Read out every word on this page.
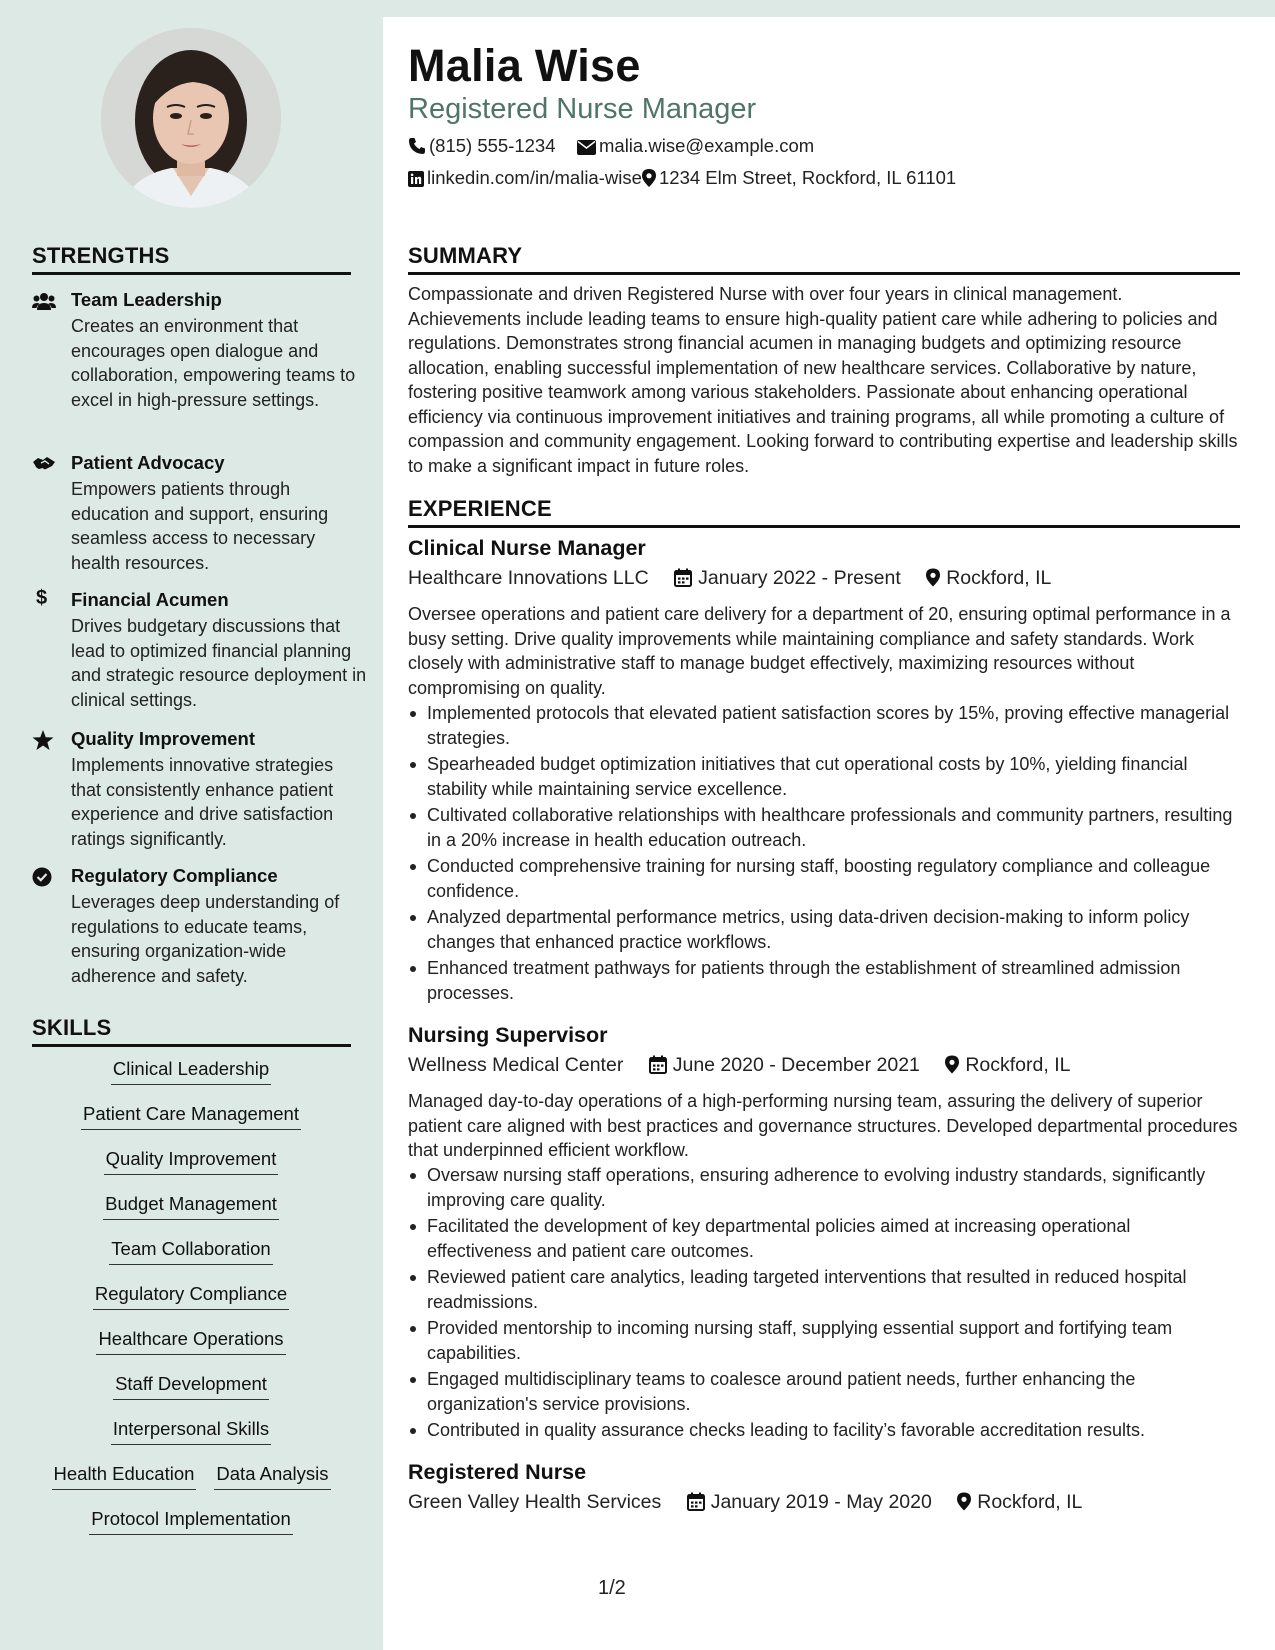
STRENGTHS
Team Leadership
Creates an environment that encourages open dialogue and collaboration, empowering teams to excel in high-pressure settings.
Patient Advocacy
Empowers patients through education and support, ensuring seamless access to necessary health resources.
$	Financial Acumen
Drives budgetary discussions that lead to optimized financial planning and strategic resource deployment in clinical settings.
Quality Improvement
Implements innovative strategies that consistently enhance patient experience and drive satisfaction ratings significantly.
Regulatory Compliance
Leverages deep understanding of regulations to educate teams, ensuring organization-wide adherence and safety.
SKILLS
Clinical Leadership
Patient Care Management
Quality Improvement
Budget Management
Team Collaboration
Regulatory Compliance
Healthcare Operations
Staff Development
Interpersonal Skills
Health Education Data Analysis
Protocol Implementation
Malia Wise
Registered Nurse Manager
(815) 555-1234	malia.wise@example.com
linkedin.com/in/malia-wise 1234 Elm Street, Rockford, IL 61101
SUMMARY
Compassionate and driven Registered Nurse with over four years in clinical management. Achievements include leading teams to ensure high-quality patient care while adhering to policies and regulations. Demonstrates strong financial acumen in managing budgets and optimizing resource allocation, enabling successful implementation of new healthcare services. Collaborative by nature, fostering positive teamwork among various stakeholders. Passionate about enhancing operational efficiency via continuous improvement initiatives and training programs, all while promoting a culture of compassion and community engagement. Looking forward to contributing expertise and leadership skills to make a significant impact in future roles.
EXPERIENCE
Clinical Nurse Manager
Healthcare Innovations LLC	January 2022 - Present Rockford, IL
Oversee operations and patient care delivery for a department of 20, ensuring optimal performance in a busy setting. Drive quality improvements while maintaining compliance and safety standards. Work closely with administrative staff to manage budget effectively, maximizing resources without compromising on quality.
Implemented protocols that elevated patient satisfaction scores by 15%, proving effective managerial strategies.
Spearheaded budget optimization initiatives that cut operational costs by 10%, yielding financial stability while maintaining service excellence.
Cultivated collaborative relationships with healthcare professionals and community partners, resulting in a 20% increase in health education outreach.
Conducted comprehensive training for nursing staff, boosting regulatory compliance and colleague confidence.
Analyzed departmental performance metrics, using data-driven decision-making to inform policy changes that enhanced practice workflows.
Enhanced treatment pathways for patients through the establishment of streamlined admission processes.
Nursing Supervisor
Wellness Medical Center	June 2020 - December 2021 Rockford, IL
Managed day-to-day operations of a high-performing nursing team, assuring the delivery of superior patient care aligned with best practices and governance structures. Developed departmental procedures that underpinned efficient workflow.
Oversaw nursing staff operations, ensuring adherence to evolving industry standards, significantly improving care quality.
Facilitated the development of key departmental policies aimed at increasing operational effectiveness and patient care outcomes.
Reviewed patient care analytics, leading targeted interventions that resulted in reduced hospital readmissions.
Provided mentorship to incoming nursing staff, supplying essential support and fortifying team capabilities.
Engaged multidisciplinary teams to coalesce around patient needs, further enhancing the organization's service provisions.
Contributed in quality assurance checks leading to facility’s favorable accreditation results.
Registered Nurse
Green Valley Health Services	January 2019 - May 2020 Rockford, IL
1/2
